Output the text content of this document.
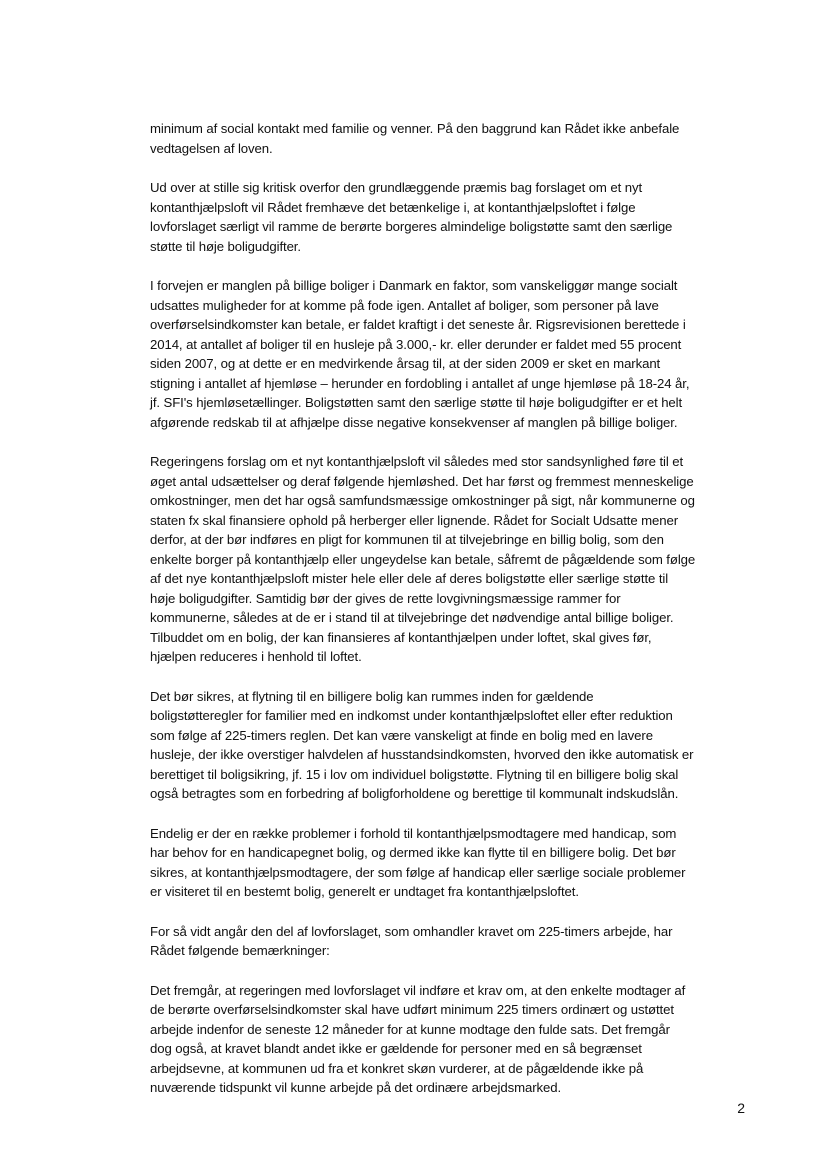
minimum af social kontakt med familie og venner. På den baggrund kan Rådet ikke anbefale
vedtagelsen af loven.

Ud over at stille sig kritisk overfor den grundlæggende præmis bag forslaget om et nyt
kontanthjælpsloft vil Rådet fremhæve det betænkelige i, at kontanthjælpsloftet i følge
lovforslaget særligt vil ramme de berørte borgeres almindelige boligstøtte samt den særlige
støtte til høje boligudgifter.

I forvejen er manglen på billige boliger i Danmark en faktor, som vanskeliggør mange socialt
udsattes muligheder for at komme på fode igen. Antallet af boliger, som personer på lave
overførselsindkomster kan betale, er faldet kraftigt i det seneste år. Rigsrevisionen berettede i
2014, at antallet af boliger til en husleje på 3.000,- kr. eller derunder er faldet med 55 procent
siden 2007, og at dette er en medvirkende årsag til, at der siden 2009 er sket en markant
stigning i antallet af hjemløse – herunder en fordobling i antallet af unge hjemløse på 18-24 år,
jf. SFI's hjemløsetællinger. Boligstøtten samt den særlige støtte til høje boligudgifter er et helt
afgørende redskab til at afhjælpe disse negative konsekvenser af manglen på billige boliger.

Regeringens forslag om et nyt kontanthjælpsloft vil således med stor sandsynlighed føre til et
øget antal udsættelser og deraf følgende hjemløshed. Det har først og fremmest menneskelige
omkostninger, men det har også samfundsmæssige omkostninger på sigt, når kommunerne og
staten fx skal finansiere ophold på herberger eller lignende. Rådet for Socialt Udsatte mener
derfor, at der bør indføres en pligt for kommunen til at tilvejebringe en billig bolig, som den
enkelte borger på kontanthjælp eller ungeydelse kan betale, såfremt de pågældende som følge
af det nye kontanthjælpsloft mister hele eller dele af deres boligstøtte eller særlige støtte til
høje boligudgifter. Samtidig bør der gives de rette lovgivningsmæssige rammer for
kommunerne, således at de er i stand til at tilvejebringe det nødvendige antal billige boliger.
Tilbuddet om en bolig, der kan finansieres af kontanthjælpen under loftet, skal gives før,
hjælpen reduceres i henhold til loftet.

Det bør sikres, at flytning til en billigere bolig kan rummes inden for gældende
boligstøtteregler for familier med en indkomst under kontanthjælpsloftet eller efter reduktion
som følge af 225-timers reglen. Det kan være vanskeligt at finde en bolig med en lavere
husleje, der ikke overstiger halvdelen af husstandsindkomsten, hvorved den ikke automatisk er
berettiget til boligsikring, jf. 15 i lov om individuel boligstøtte. Flytning til en billigere bolig skal
også betragtes som en forbedring af boligforholdene og berettige til kommunalt indskudslån.

Endelig er der en række problemer i forhold til kontanthjælpsmodtagere med handicap, som
har behov for en handicapegnet bolig, og dermed ikke kan flytte til en billigere bolig. Det bør
sikres, at kontanthjælpsmodtagere, der som følge af handicap eller særlige sociale problemer
er visiteret til en bestemt bolig, generelt er undtaget fra kontanthjælpsloftet.

For så vidt angår den del af lovforslaget, som omhandler kravet om 225-timers arbejde, har
Rådet følgende bemærkninger:

Det fremgår, at regeringen med lovforslaget vil indføre et krav om, at den enkelte modtager af
de berørte overførselsindkomster skal have udført minimum 225 timers ordinært og ustøttet
arbejde indenfor de seneste 12 måneder for at kunne modtage den fulde sats. Det fremgår
dog også, at kravet blandt andet ikke er gældende for personer med en så begrænset
arbejdsevne, at kommunen ud fra et konkret skøn vurderer, at de pågældende ikke på
nuværende tidspunkt vil kunne arbejde på det ordinære arbejdsmarked.

2
